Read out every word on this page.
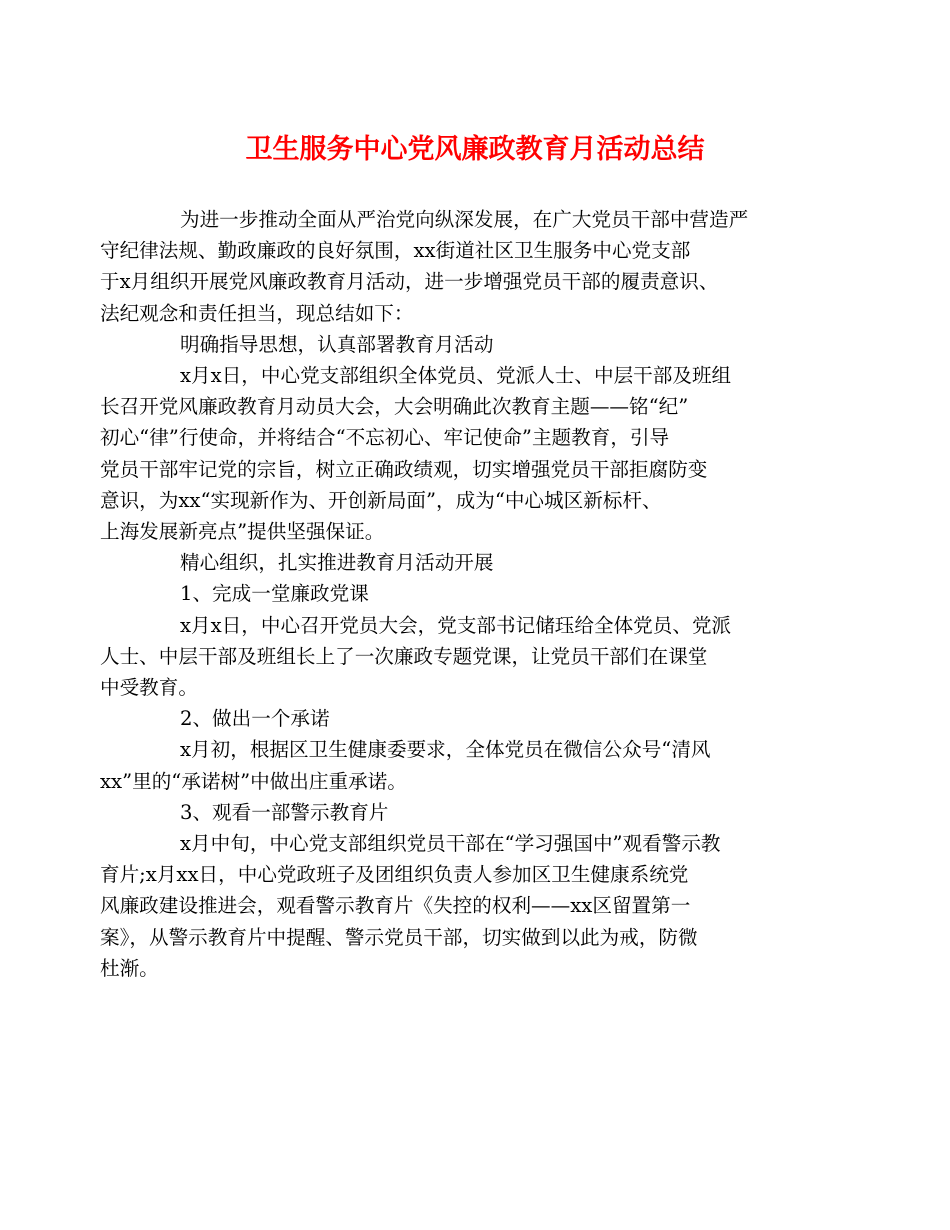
卫生服务中心党风廉政教育月活动总结
为进一步推动全面从严治党向纵深发展，在广大党员干部中营造严
守纪律法规、勤政廉政的良好氛围，xx街道社区卫生服务中心党支部
于x月组织开展党风廉政教育月活动，进一步增强党员干部的履责意识、
法纪观念和责任担当，现总结如下：
明确指导思想，认真部署教育月活动
x月x日，中心党支部组织全体党员、党派人士、中层干部及班组
长召开党风廉政教育月动员大会，大会明确此次教育主题——铭“纪”
初心“律”行使命，并将结合“不忘初心、牢记使命”主题教育，引导
党员干部牢记党的宗旨，树立正确政绩观，切实增强党员干部拒腐防变
意识，为xx“实现新作为、开创新局面”，成为“中心城区新标杆、
上海发展新亮点”提供坚强保证。
精心组织，扎实推进教育月活动开展
1、完成一堂廉政党课
x月x日，中心召开党员大会，党支部书记储珏给全体党员、党派
人士、中层干部及班组长上了一次廉政专题党课，让党员干部们在课堂
中受教育。
2、做出一个承诺
x月初，根据区卫生健康委要求，全体党员在微信公众号“清风
xx”里的“承诺树”中做出庄重承诺。
3、观看一部警示教育片
x月中旬，中心党支部组织党员干部在“学习强国中”观看警示教
育片;x月xx日，中心党政班子及团组织负责人参加区卫生健康系统党
风廉政建设推进会，观看警示教育片《失控的权利——xx区留置第一
案》，从警示教育片中提醒、警示党员干部，切实做到以此为戒，防微
杜渐。
